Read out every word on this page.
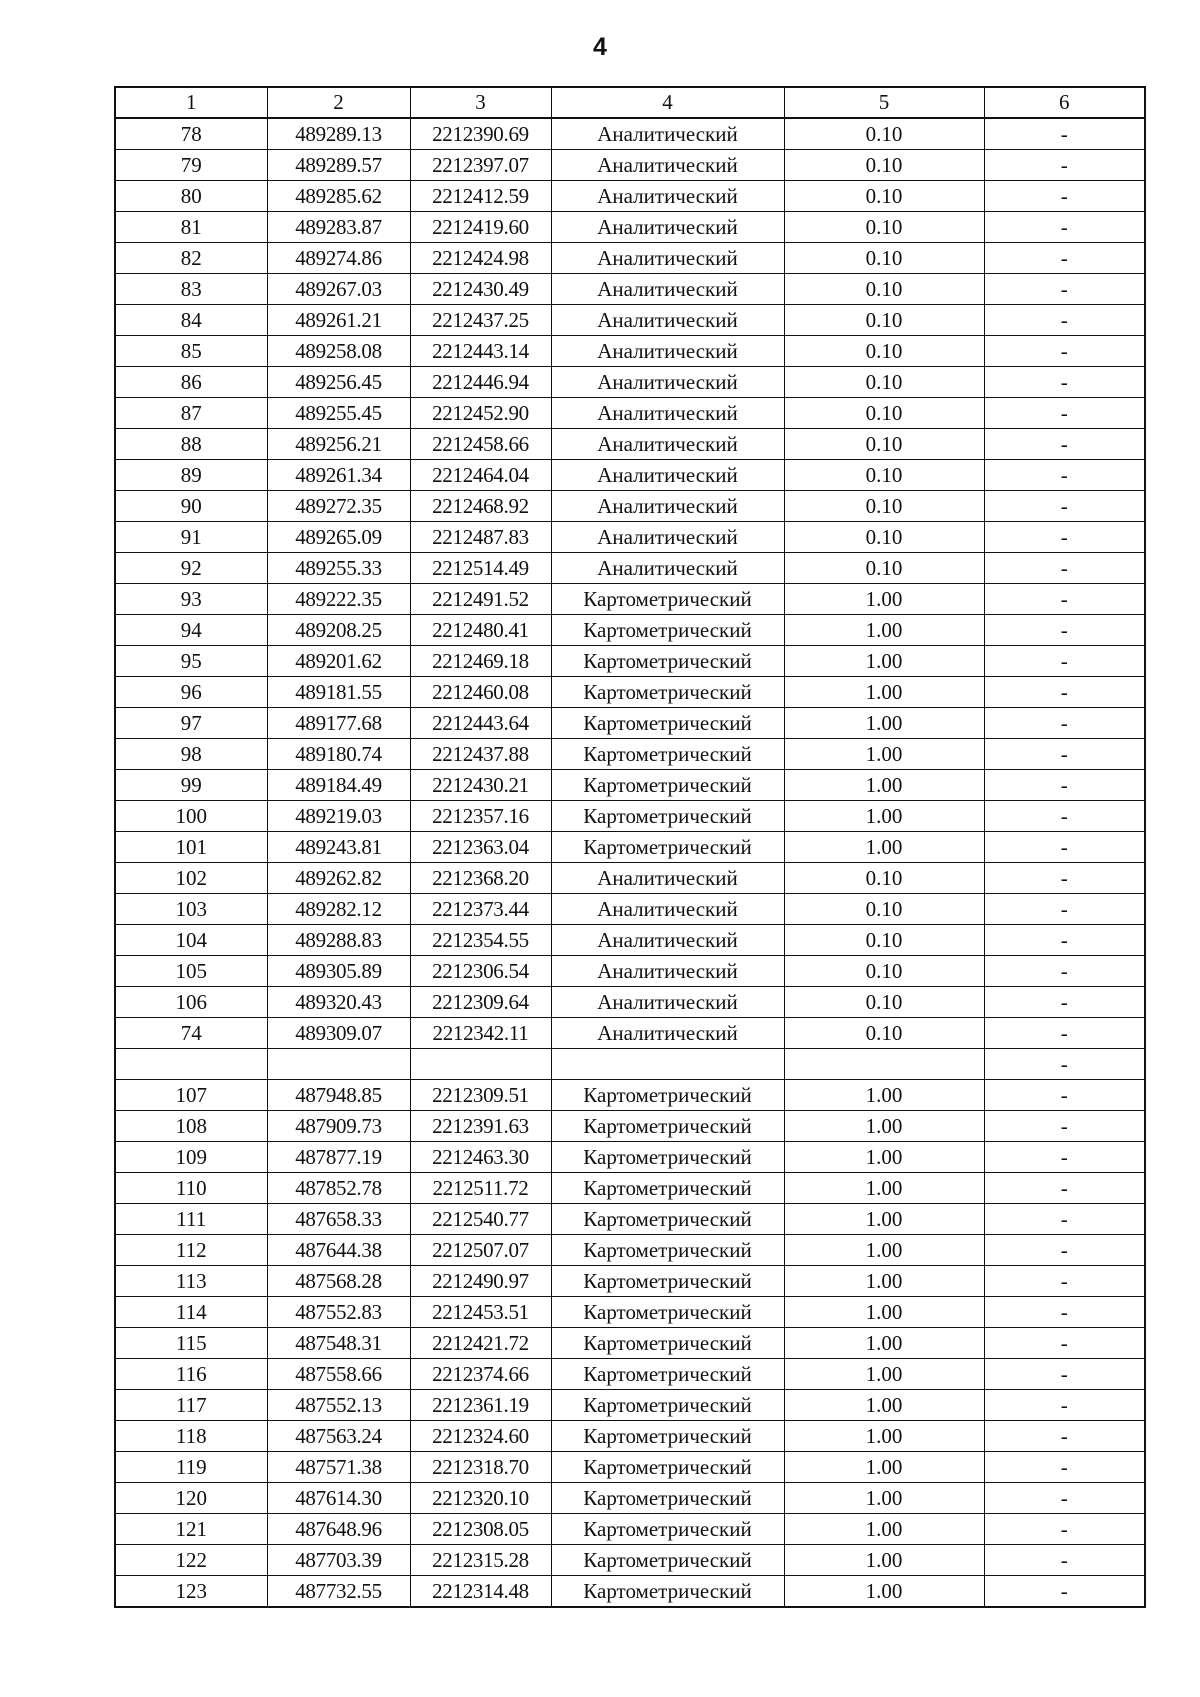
4
1	2	3	4	5	6
78	489289.13	2212390.69	Аналитический	0.10	-
79	489289.57	2212397.07	Аналитический	0.10	-
80	489285.62	2212412.59	Аналитический	0.10	-
81	489283.87	2212419.60	Аналитический	0.10	-
82	489274.86	2212424.98	Аналитический	0.10	-
83	489267.03	2212430.49	Аналитический	0.10	-
84	489261.21	2212437.25	Аналитический	0.10	-
85	489258.08	2212443.14	Аналитический	0.10	-
86	489256.45	2212446.94	Аналитический	0.10	-
87	489255.45	2212452.90	Аналитический	0.10	-
88	489256.21	2212458.66	Аналитический	0.10	-
89	489261.34	2212464.04	Аналитический	0.10	-
90	489272.35	2212468.92	Аналитический	0.10	-
91	489265.09	2212487.83	Аналитический	0.10	-
92	489255.33	2212514.49	Аналитический	0.10	-
93	489222.35	2212491.52	Картометрический	1.00	-
94	489208.25	2212480.41	Картометрический	1.00	-
95	489201.62	2212469.18	Картометрический	1.00	-
96	489181.55	2212460.08	Картометрический	1.00	-
97	489177.68	2212443.64	Картометрический	1.00	-
98	489180.74	2212437.88	Картометрический	1.00	-
99	489184.49	2212430.21	Картометрический	1.00	-
100	489219.03	2212357.16	Картометрический	1.00	-
101	489243.81	2212363.04	Картометрический	1.00	-
102	489262.82	2212368.20	Аналитический	0.10	-
103	489282.12	2212373.44	Аналитический	0.10	-
104	489288.83	2212354.55	Аналитический	0.10	-
105	489305.89	2212306.54	Аналитический	0.10	-
106	489320.43	2212309.64	Аналитический	0.10	-
74	489309.07	2212342.11	Аналитический	0.10	-
					-
107	487948.85	2212309.51	Картометрический	1.00	-
108	487909.73	2212391.63	Картометрический	1.00	-
109	487877.19	2212463.30	Картометрический	1.00	-
110	487852.78	2212511.72	Картометрический	1.00	-
111	487658.33	2212540.77	Картометрический	1.00	-
112	487644.38	2212507.07	Картометрический	1.00	-
113	487568.28	2212490.97	Картометрический	1.00	-
114	487552.83	2212453.51	Картометрический	1.00	-
115	487548.31	2212421.72	Картометрический	1.00	-
116	487558.66	2212374.66	Картометрический	1.00	-
117	487552.13	2212361.19	Картометрический	1.00	-
118	487563.24	2212324.60	Картометрический	1.00	-
119	487571.38	2212318.70	Картометрический	1.00	-
120	487614.30	2212320.10	Картометрический	1.00	-
121	487648.96	2212308.05	Картометрический	1.00	-
122	487703.39	2212315.28	Картометрический	1.00	-
123	487732.55	2212314.48	Картометрический	1.00	-
